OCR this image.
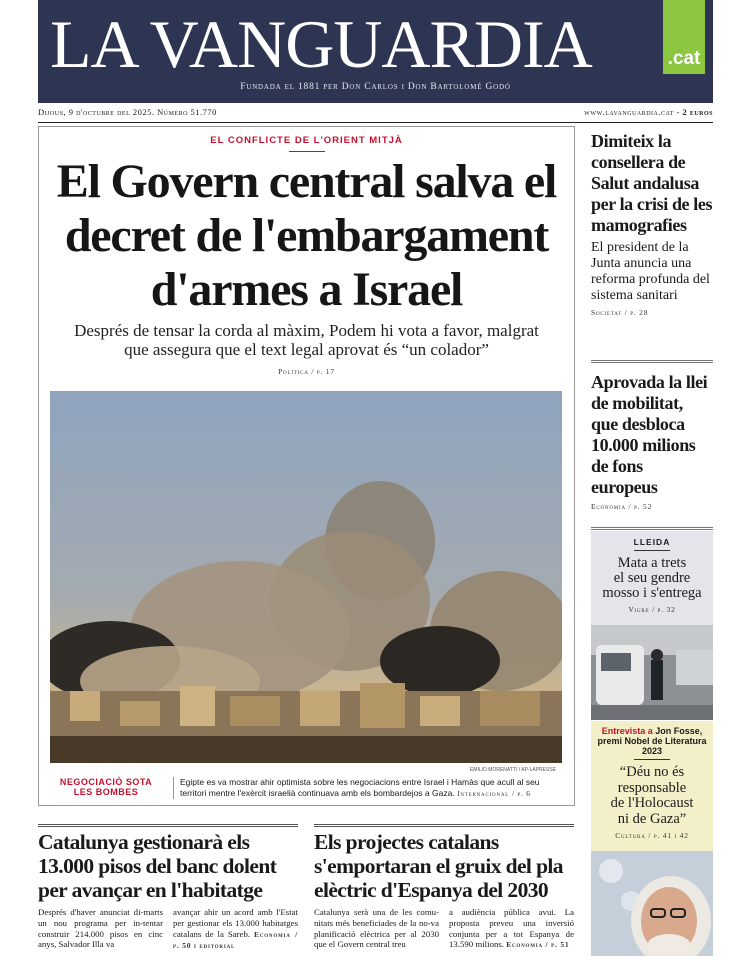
LA VANGUARDIA	.cat
Fundada el 1881 per Don Carlos i Don Bartolomé Godó
Dijous, 9 d'octubre del 2025. Número 51.770	www.lavanguardia.cat - 2 euros
EL CONFLICTE DE L'ORIENT MITJÀ
El Govern central salva el
decret de l'embargament
d'armes a Israel
Després de tensar la corda al màxim, Podem hi vota a favor, malgrat
que assegura que el text legal aprovat és “un colador”
Política / p. 17
EMILIO MORENATTI / AP-LAPRESSE
NEGOCIACIÓ SOTA
LES BOMBES
Egipte es va mostrar ahir optimista sobre les negociacions entre Israel i Hamàs que acull al seu territori mentre l'exèrcit israelià continuava amb els bombardejos a Gaza. Internacional / p. 6
Dimiteix la consellera de Salut andalusa per la crisi de les mamografies

El president de la Junta anuncia una reforma profunda del sistema sanitari

Societat / p. 28
Aprovada la llei de mobilitat, que desbloca 10.000 milions de fons europeus
Economia / p. 52
LLEIDA
Mata a trets
el seu gendre
mosso i s'entrega
Viure / p. 32
Entrevista a Jon Fosse, premi Nobel de Literatura 2023
“Déu no és
responsable
de l'Holocaust
ni de Gaza”
Cultura / p. 41 i 42
Catalunya gestionarà els
13.000 pisos del banc dolent
per avançar en l'habitatge
Després d'haver anunciat di-marts un nou programa per in-tentar construir 214.000 pisos en cinc anys, Salvador Illa va
avançar ahir un acord amb l'Estat per gestionar els 13.000 habitatges catalans de la Sareb. Economia / p. 50 i editorial
Els projectes catalans
s'emportaran el gruix del pla
elèctric d'Espanya del 2030
Catalunya serà una de les comu-nitats més beneficiades de la no-va planificació elèctrica per al 2030 que el Govern central treu
a audiència pública avui. La proposta preveu una inversió conjunta per a tot Espanya de 13.590 milions. Economia / p. 51
